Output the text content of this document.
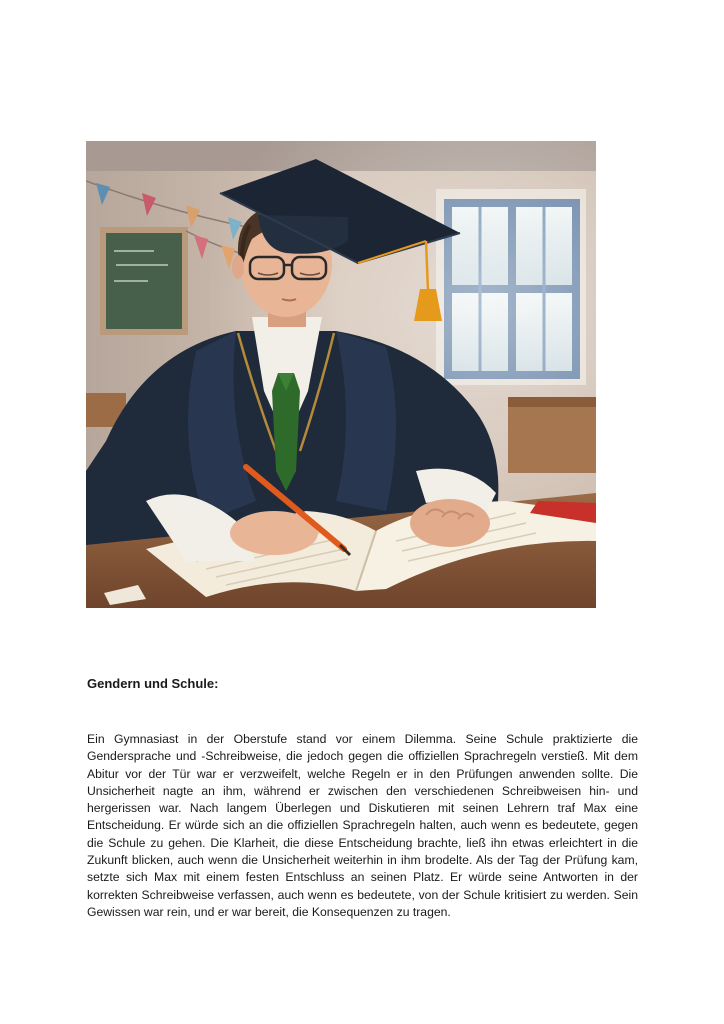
Gendern und Schule:

Ein Gymnasiast in der Oberstufe stand vor einem Dilemma. Seine Schule praktizierte die Gendersprache und -Schreibweise, die jedoch gegen die offiziellen Sprachregeln verstieß. Mit dem Abitur vor der Tür war er verzweifelt, welche Regeln er in den Prüfungen anwenden sollte. Die Unsicherheit nagte an ihm, während er zwischen den verschiedenen Schreibweisen hin- und hergerissen war. Nach langem Überlegen und Diskutieren mit seinen Lehrern traf Max eine Entscheidung. Er würde sich an die offiziellen Sprachregeln halten, auch wenn es bedeutete, gegen die Schule zu gehen. Die Klarheit, die diese Entscheidung brachte, ließ ihn etwas erleichtert in die Zukunft blicken, auch wenn die Unsicherheit weiterhin in ihm brodelte. Als der Tag der Prüfung kam, setzte sich Max mit einem festen Entschluss an seinen Platz. Er würde seine Antworten in der korrekten Schreibweise verfassen, auch wenn es bedeutete, von der Schule kritisiert zu werden. Sein Gewissen war rein, und er war bereit, die Konsequenzen zu tragen.
